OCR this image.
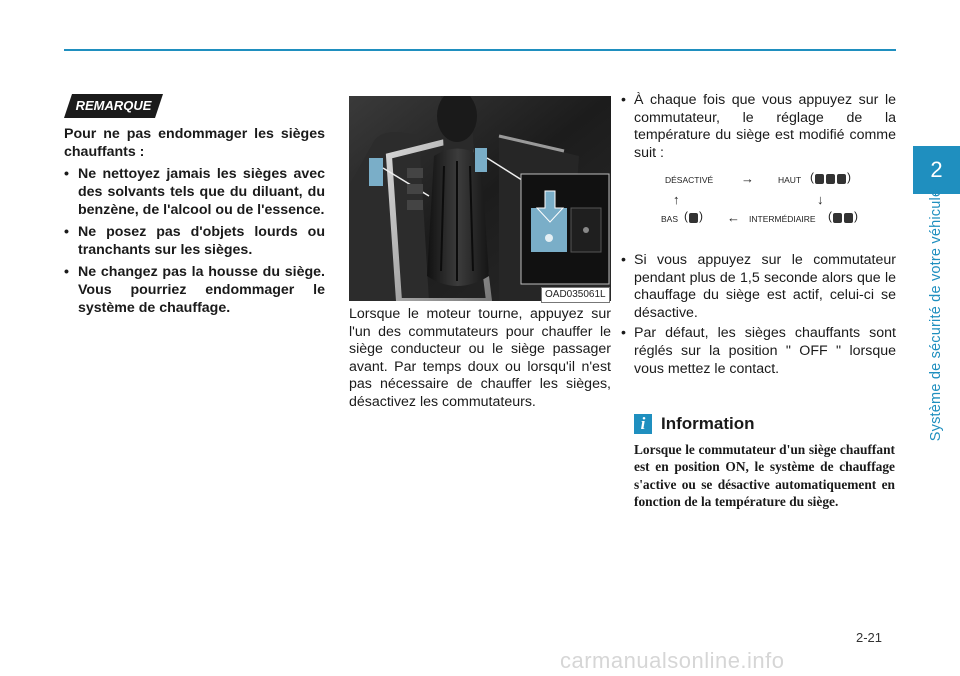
2
Système de sécurité de votre véhicule
REMARQUE

Pour ne pas endommager les sièges chauffants :

• Ne nettoyez jamais les sièges avec des solvants tels que du diluant, du benzène, de l'alcool ou de l'essence.
• Ne posez pas d'objets lourds ou tranchants sur les sièges.
• Ne changez pas la housse du siège. Vous pourriez endommager le système de chauffage.
OAD035061L

Lorsque le moteur tourne, appuyez sur l'un des commutateurs pour chauffer le siège conducteur ou le siège passager avant. Par temps doux ou lorsqu'il n'est pas nécessaire de chauffer les sièges, désactivez les commutateurs.

• À chaque fois que vous appuyez sur le commutateur, le réglage de la température du siège est modifié comme suit :
DÉSACTIVÉ →	HAUT (	)
↑	↓
BAS ( ) ← INTERMÉDIAIRE ( )
• Si vous appuyez sur le commutateur pendant plus de 1,5 seconde alors que le chauffage du siège est actif, celui-ci se désactive.
• Par défaut, les sièges chauffants sont réglés sur la position " OFF " lorsque vous mettez le contact.
i Information
Lorsque le commutateur d'un siège chauffant est en position ON, le système de chauffage s'active ou se désactive automatiquement en fonction de la température du siège.
2-21
carmanualsonline.info
